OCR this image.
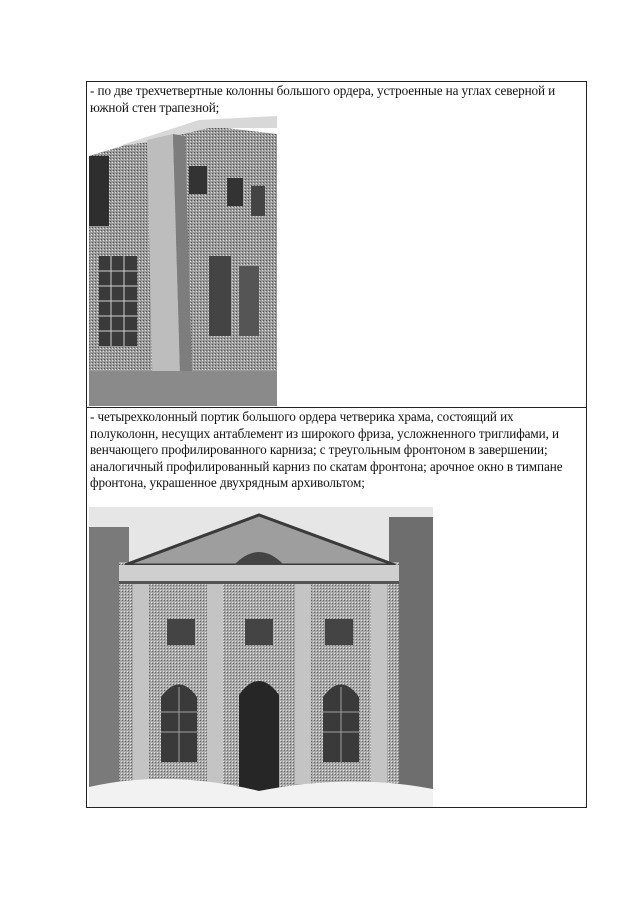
- по две трехчетвертные колонны большого ордера, устроенные на углах северной и южной стен трапезной;
- четырехколонный портик большого ордера четверика храма, состоящий их полуколонн, несущих антаблемент из широкого фриза, усложненного триглифами, и венчающего профилированного карниза; с треугольным фронтоном в завершении; аналогичный профилированный карниз по скатам фронтона; арочное окно в тимпане фронтона, украшенное двухрядным архивольтом;
